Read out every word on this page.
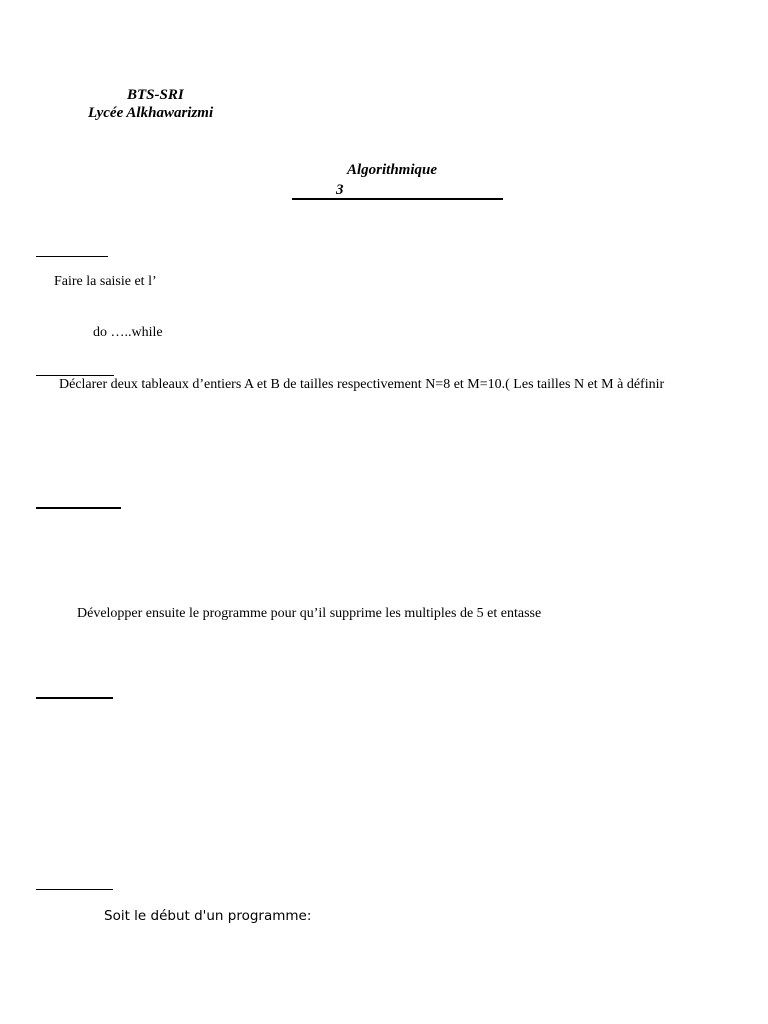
BTS-SRI
Lycée Alkhawarizmi
Algorithmique
3
Faire la saisie et l’
do …..while
Déclarer deux tableaux d’entiers A et B de tailles respectivement N=8 et M=10.( Les tailles N et M à définir
Développer ensuite le programme pour qu’il supprime les multiples de 5 et entasse
Soit le début d'un programme:
